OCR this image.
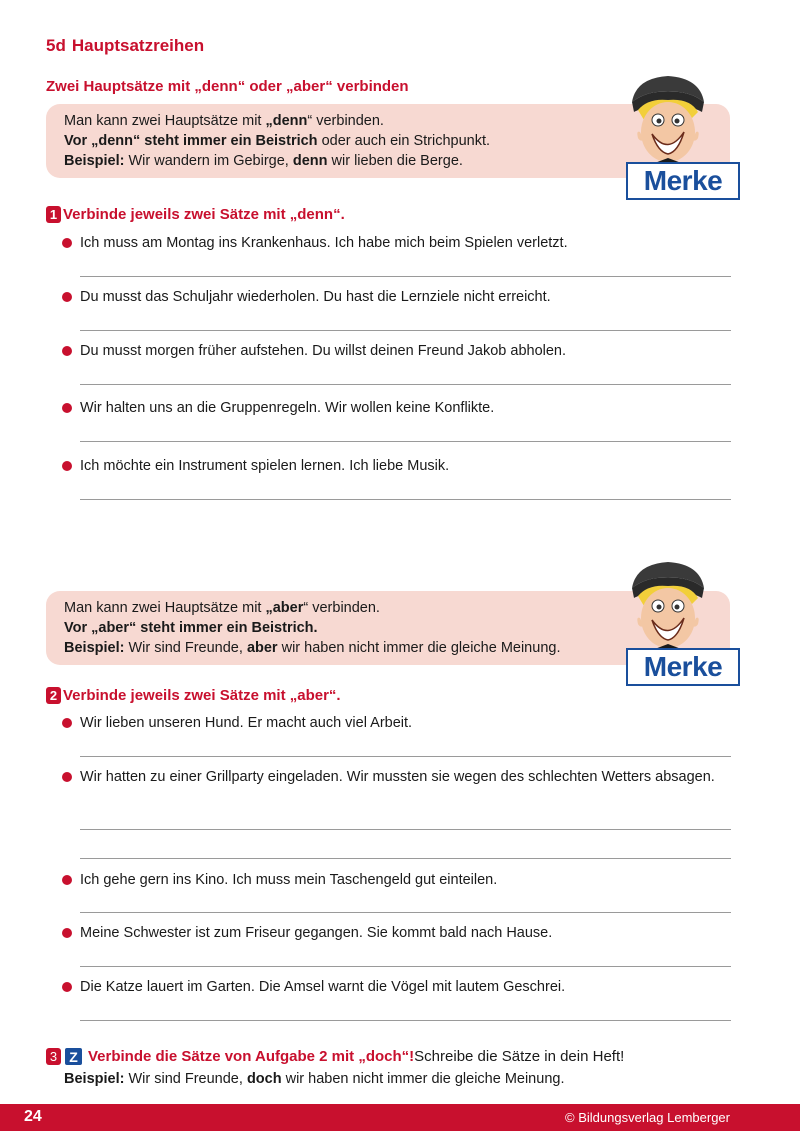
5d Hauptsatzreihen
Zwei Hauptsätze mit „denn“ oder „aber“ verbinden

Man kann zwei Hauptsätze mit „denn“ verbinden.

Vor „denn“ steht immer ein Beistrich oder auch ein Strichpunkt.

Beispiel: Wir wandern im Gebirge, denn wir lieben die Berge.

Merke
1 Verbinde jeweils zwei Sätze mit „denn“.
Ich muss am Montag ins Krankenhaus. Ich habe mich beim Spielen verletzt.
Du musst das Schuljahr wiederholen. Du hast die Lernziele nicht erreicht.
Du musst morgen früher aufstehen. Du willst deinen Freund Jakob abholen.
Wir halten uns an die Gruppenregeln. Wir wollen keine Konflikte.
Ich möchte ein Instrument spielen lernen. Ich liebe Musik.

Man kann zwei Hauptsätze mit „aber“ verbinden.

Vor „aber“ steht immer ein Beistrich.

Beispiel: Wir sind Freunde, aber wir haben nicht immer die gleiche Meinung.

Merke
2 Verbinde jeweils zwei Sätze mit „aber“.
Wir lieben unseren Hund. Er macht auch viel Arbeit.
Wir hatten zu einer Grillparty eingeladen. Wir mussten sie wegen des schlechten Wetters absagen.
Ich gehe gern ins Kino. Ich muss mein Taschengeld gut einteilen.
Meine Schwester ist zum Friseur gegangen. Sie kommt bald nach Hause.
Die Katze lauert im Garten. Die Amsel warnt die Vögel mit lautem Geschrei.
3 Z Verbinde die Sätze von Aufgabe 2 mit „doch“! Schreibe die Sätze in dein Heft!
Beispiel: Wir sind Freunde, doch wir haben nicht immer die gleiche Meinung.
24	© Bildungsverlag Lemberger
